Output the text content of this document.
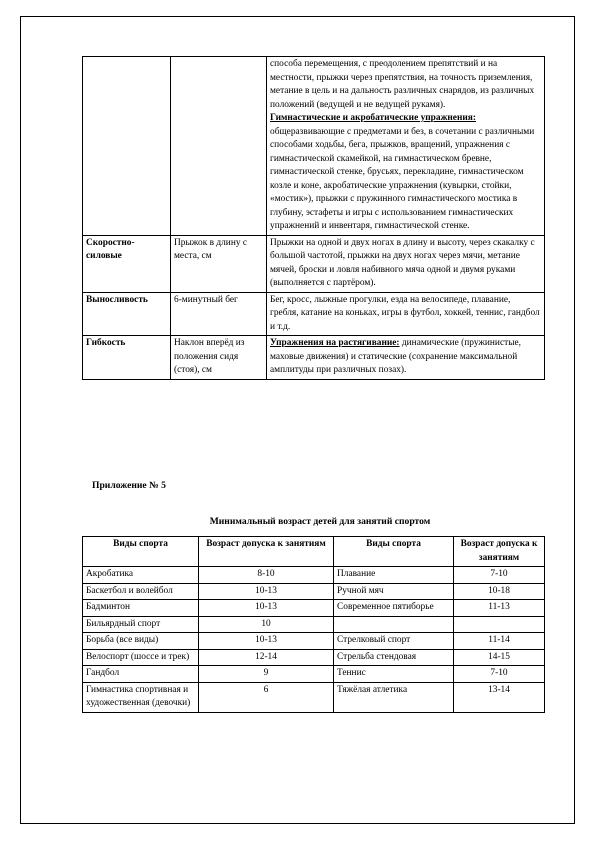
		способа перемещения, с преодолением препятствий и на местности, прыжки через препятствия, на точность приземления, метание в цель и на дальность различных снарядов, из различных положений (ведущей и не ведущей рукамя).
Гимнастические и акробатические упражнения:
общеразвивающие с предметами и без, в сочетании с различными способами ходьбы, бега, прыжков, вращений, упражнения с гимнастической скамейкой, на гимнастическом бревне, гимнастической стенке, брусьях, перекладине, гимнастическом козле и коне, акробатические упражнения (кувырки, стойки, «мостик»), прыжки с пружинного гимнастического мостика в глубину, эстафеты и игры с использованием гимнастических упражнений и инвентаря, гимнастической стенке.
Скоростно-силовые	Прыжок в длину с места, см	Прыжки на одной и двух ногах в длину и высоту, через скакалку с большой частотой, прыжки на двух ногах через мячи, метание мячей, броски и ловля набивного мяча одной и двумя руками (выполняется с партёром).
Выносливость	6-минутный бег	Бег, кросс, лыжные прогулки, езда на велосипеде, плавание, гребля, катание на коньках, игры в футбол, хоккей, теннис, гандбол и т.д.
Гибкость	Наклон вперёд из положения сидя (стоя), см	Упражнения на растягивание: динамические (пружинистые, маховые движения) и статические (сохранение максимальной амплитуды при различных позах).
Приложение № 5
Минимальный возраст детей для занятий спортом
Виды спорта	Возраст допуска к занятиям	Виды спорта	Возраст допуска к занятиям
Акробатика	8-10	Плавание	7-10
Баскетбол и волейбол	10-13	Ручной мяч	10-18
Бадминтон	10-13	Современное пятиборье	11-13
Бильярдный спорт	10		
Борьба (все виды)	10-13	Стрелковый спорт	11-14
Велоспорт (шоссе и трек)	12-14	Стрельба стендовая	14-15
Гандбол	9	Теннис	7-10
Гимнастика спортивная и художественная (девочки)	6	Тяжёлая атлетика	13-14
